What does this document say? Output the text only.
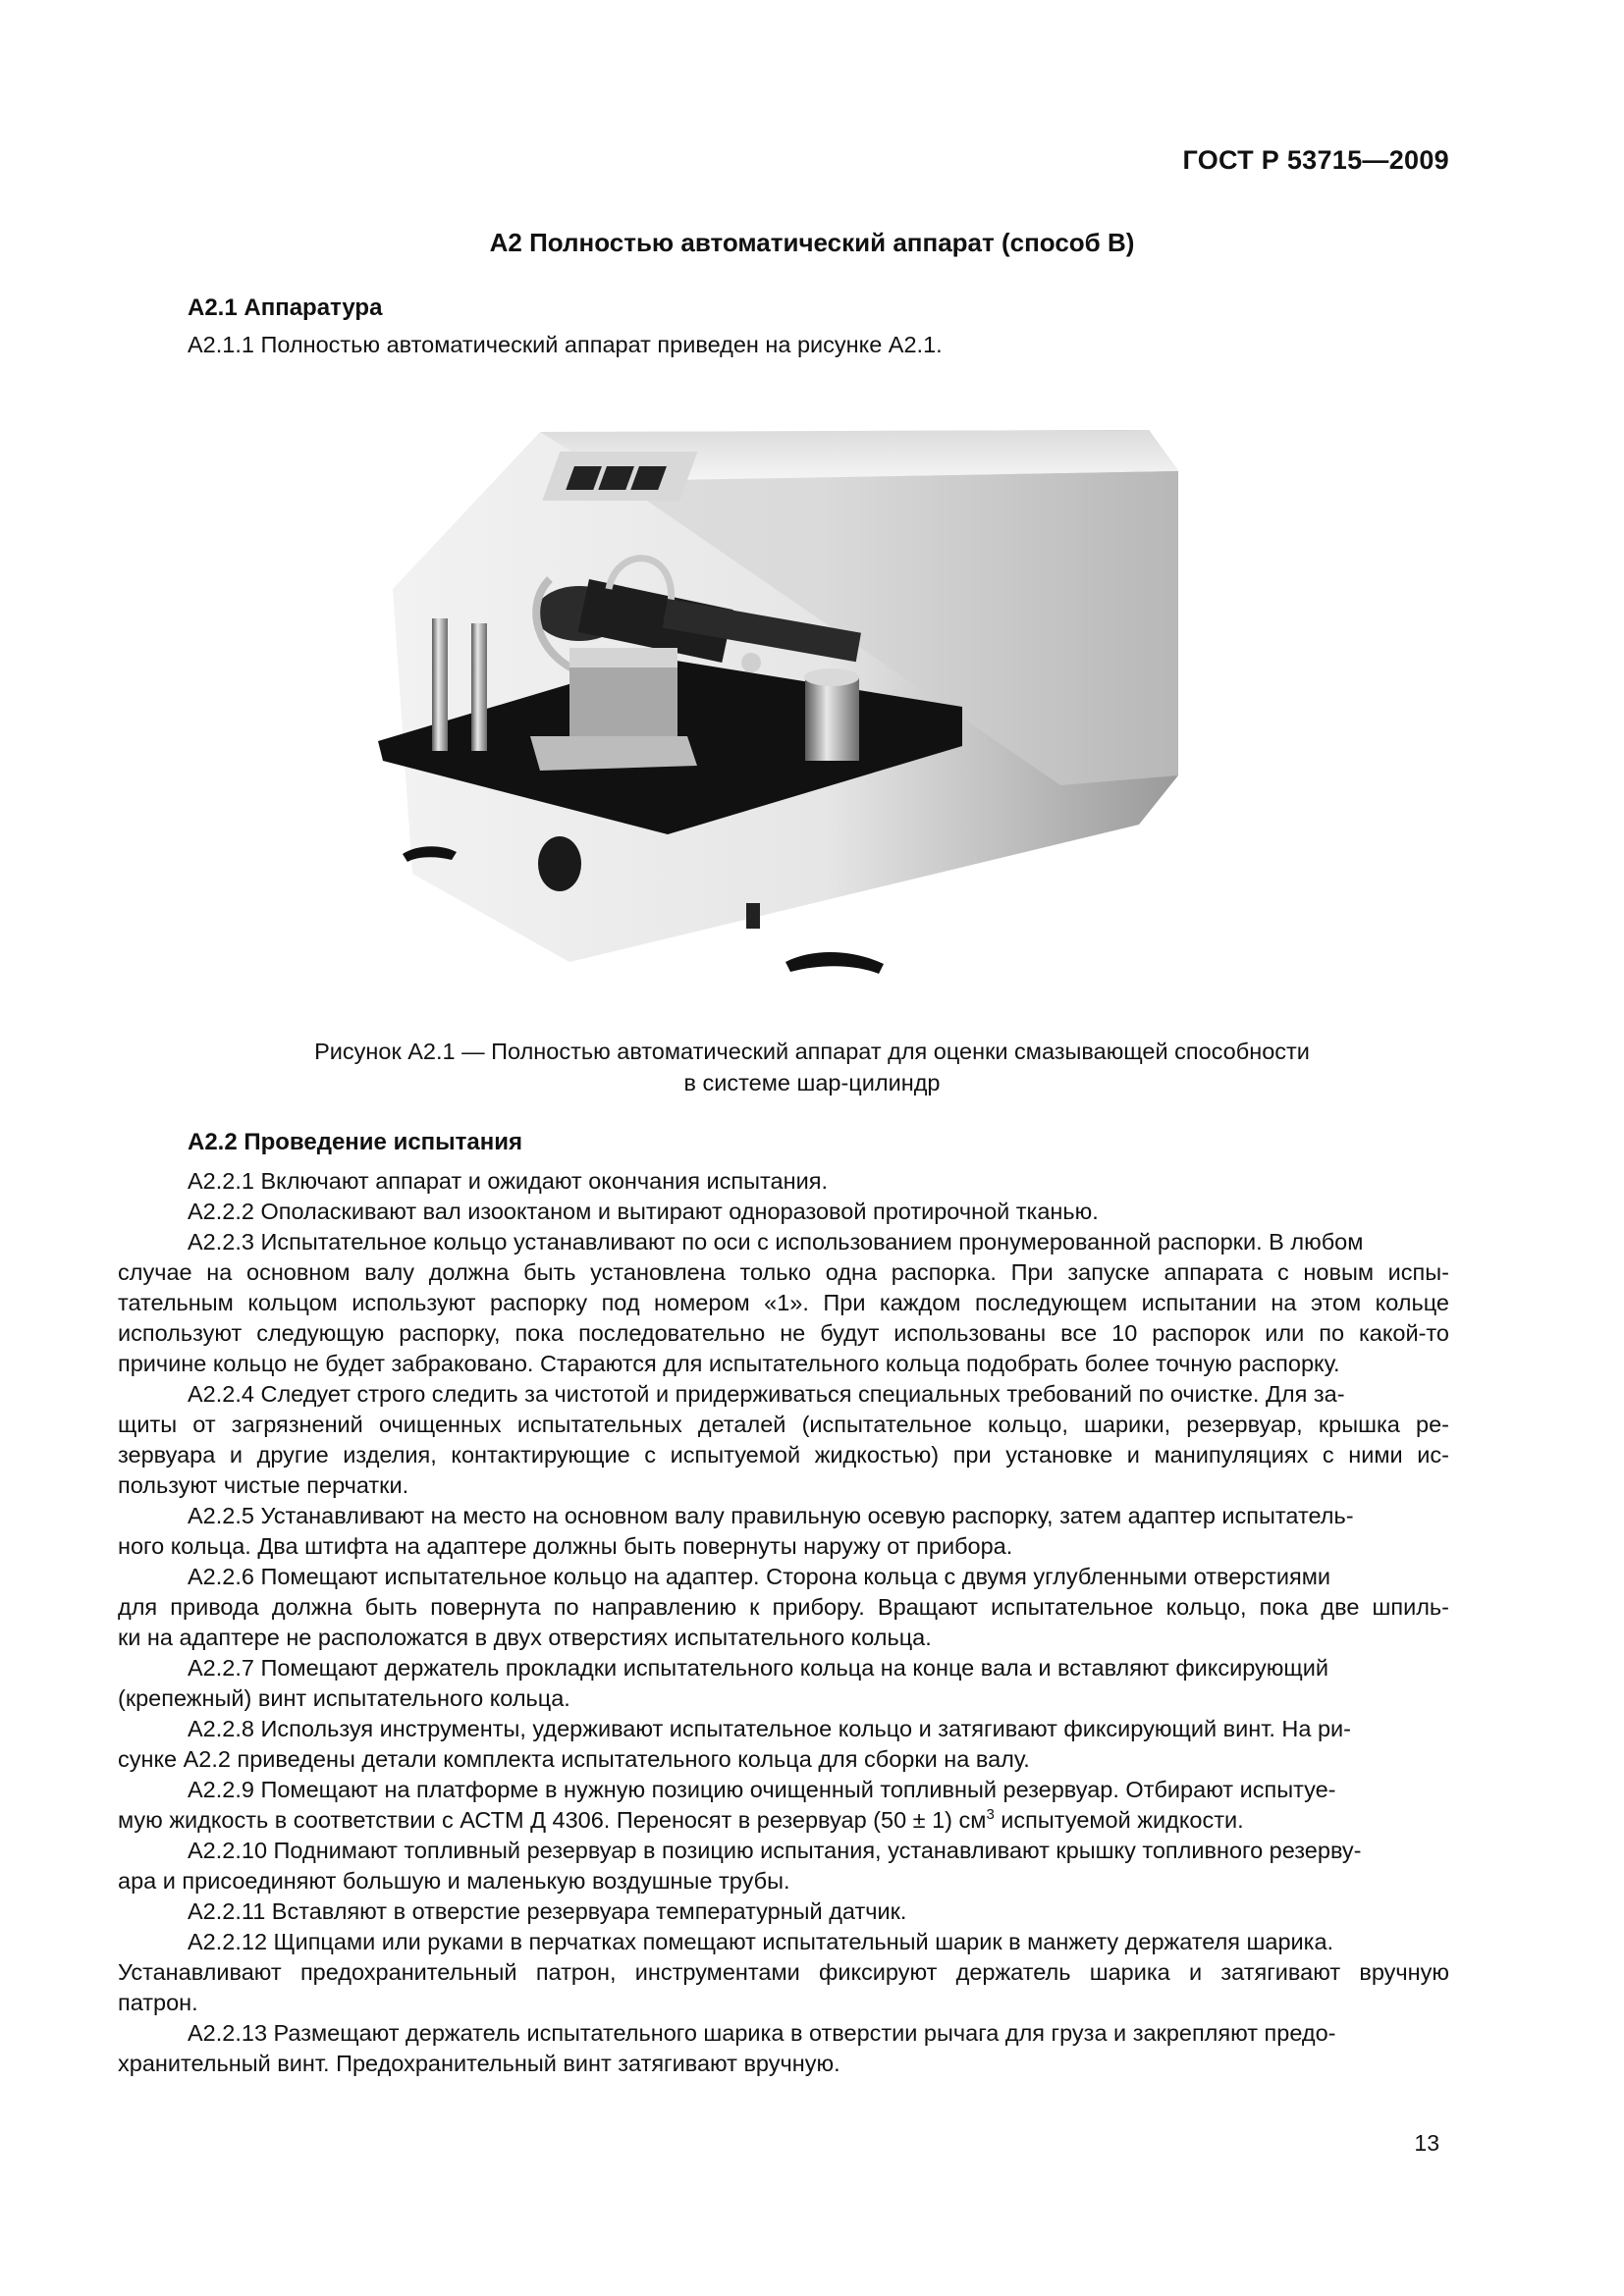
ГОСТ Р 53715—2009
А2 Полностью автоматический аппарат (способ В)
А2.1 Аппаратура
А2.1.1 Полностью автоматический аппарат приведен на рисунке А2.1.
Рисунок А2.1 — Полностью автоматический аппарат для оценки смазывающей способности
в системе шар-цилиндр
А2.2 Проведение испытания
А2.2.1 Включают аппарат и ожидают окончания испытания.
А2.2.2 Ополаскивают вал изооктаном и вытирают одноразовой протирочной тканью.
А2.2.3 Испытательное кольцо устанавливают по оси с использованием пронумерованной распорки. В любом
случае на основном валу должна быть установлена только одна распорка. При запуске аппарата с новым испы-
тательным кольцом используют распорку под номером «1». При каждом последующем испытании на этом кольце
используют следующую распорку, пока последовательно не будут использованы все 10 распорок или по какой-то
причине кольцо не будет забраковано. Стараются для испытательного кольца подобрать более точную распорку.
А2.2.4 Следует строго следить за чистотой и придерживаться специальных требований по очистке. Для за-
щиты от загрязнений очищенных испытательных деталей (испытательное кольцо, шарики, резервуар, крышка ре-
зервуара и другие изделия, контактирующие с испытуемой жидкостью) при установке и манипуляциях с ними ис-
пользуют чистые перчатки.
А2.2.5 Устанавливают на место на основном валу правильную осевую распорку, затем адаптер испытатель-
ного кольца. Два штифта на адаптере должны быть повернуты наружу от прибора.
А2.2.6 Помещают испытательное кольцо на адаптер. Сторона кольца с двумя углубленными отверстиями
для привода должна быть повернута по направлению к прибору. Вращают испытательное кольцо, пока две шпиль-
ки на адаптере не расположатся в двух отверстиях испытательного кольца.
А2.2.7 Помещают держатель прокладки испытательного кольца на конце вала и вставляют фиксирующий
(крепежный) винт испытательного кольца.
А2.2.8 Используя инструменты, удерживают испытательное кольцо и затягивают фиксирующий винт. На ри-
сунке А2.2 приведены детали комплекта испытательного кольца для сборки на валу.
А2.2.9 Помещают на платформе в нужную позицию очищенный топливный резервуар. Отбирают испытуе-
мую жидкость в соответствии с АСТМ Д 4306. Переносят в резервуар (50 ± 1) $см^3$ испытуемой жидкости.
А2.2.10 Поднимают топливный резервуар в позицию испытания, устанавливают крышку топливного резерву-
ара и присоединяют большую и маленькую воздушные трубы.
А2.2.11 Вставляют в отверстие резервуара температурный датчик.
А2.2.12 Щипцами или руками в перчатках помещают испытательный шарик в манжету держателя шарика.
Устанавливают предохранительный патрон, инструментами фиксируют держатель шарика и затягивают вручную
патрон.
А2.2.13 Размещают держатель испытательного шарика в отверстии рычага для груза и закрепляют предо-
хранительный винт. Предохранительный винт затягивают вручную.
13
